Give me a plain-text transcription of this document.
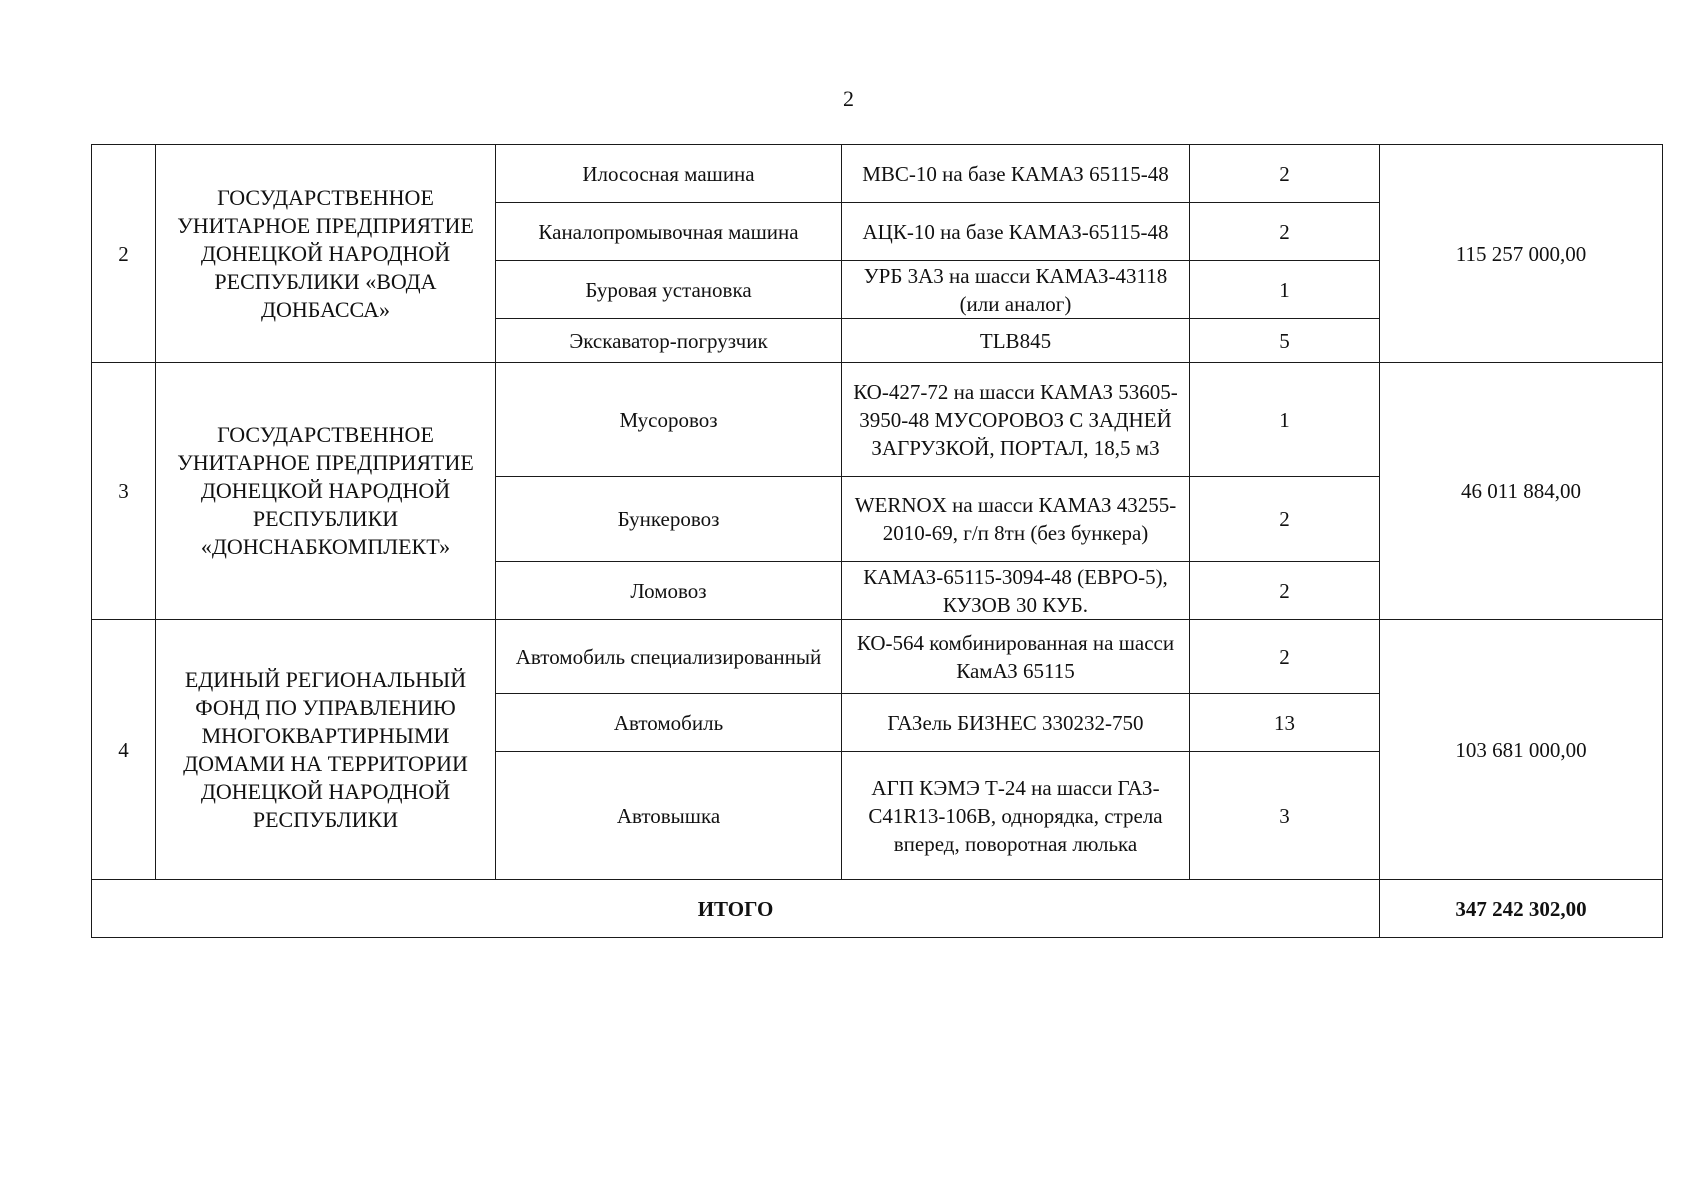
2
2	ГОСУДАРСТВЕННОЕ УНИТАРНОЕ ПРЕДПРИЯТИЕ ДОНЕЦКОЙ НАРОДНОЙ РЕСПУБЛИКИ «ВОДА ДОНБАССА»	Илососная машина	МВС-10 на базе КАМАЗ 65115-48	2	115 257 000,00
		Каналопромывочная машина	АЦК-10 на базе КАМАЗ-65115-48	2	
		Буровая установка	УРБ 3А3 на шасси КАМАЗ-43118 (или аналог)	1	
		Экскаватор-погрузчик	TLB845	5	
3	ГОСУДАРСТВЕННОЕ УНИТАРНОЕ ПРЕДПРИЯТИЕ ДОНЕЦКОЙ НАРОДНОЙ РЕСПУБЛИКИ «ДОНСНАБКОМПЛЕКТ»	Мусоровоз	КО-427-72 на шасси КАМАЗ 53605-3950-48 МУСОРОВОЗ С ЗАДНЕЙ ЗАГРУЗКОЙ, ПОРТАЛ, 18,5 м3	1	46 011 884,00
		Бункеровоз	WERNOX на шасси КАМАЗ 43255-2010-69, г/п 8тн (без бункера)	2	
		Ломовоз	КАМАЗ-65115-3094-48 (ЕВРО-5), КУЗОВ 30 КУБ.	2	
4	ЕДИНЫЙ РЕГИОНАЛЬНЫЙ ФОНД ПО УПРАВЛЕНИЮ МНОГОКВАРТИРНЫМИ ДОМАМИ НА ТЕРРИТОРИИ ДОНЕЦКОЙ НАРОДНОЙ РЕСПУБЛИКИ	Автомобиль специализированный	КО-564 комбинированная на шасси КамАЗ 65115	2	103 681 000,00
		Автомобиль	ГАЗель БИЗНЕС 330232-750	13	
		Автовышка	АГП КЭМЭ Т-24 на шасси ГАЗ-С41R13-106В, однорядка, стрела вперед, поворотная люлька	3	
ИТОГО					347 242 302,00
